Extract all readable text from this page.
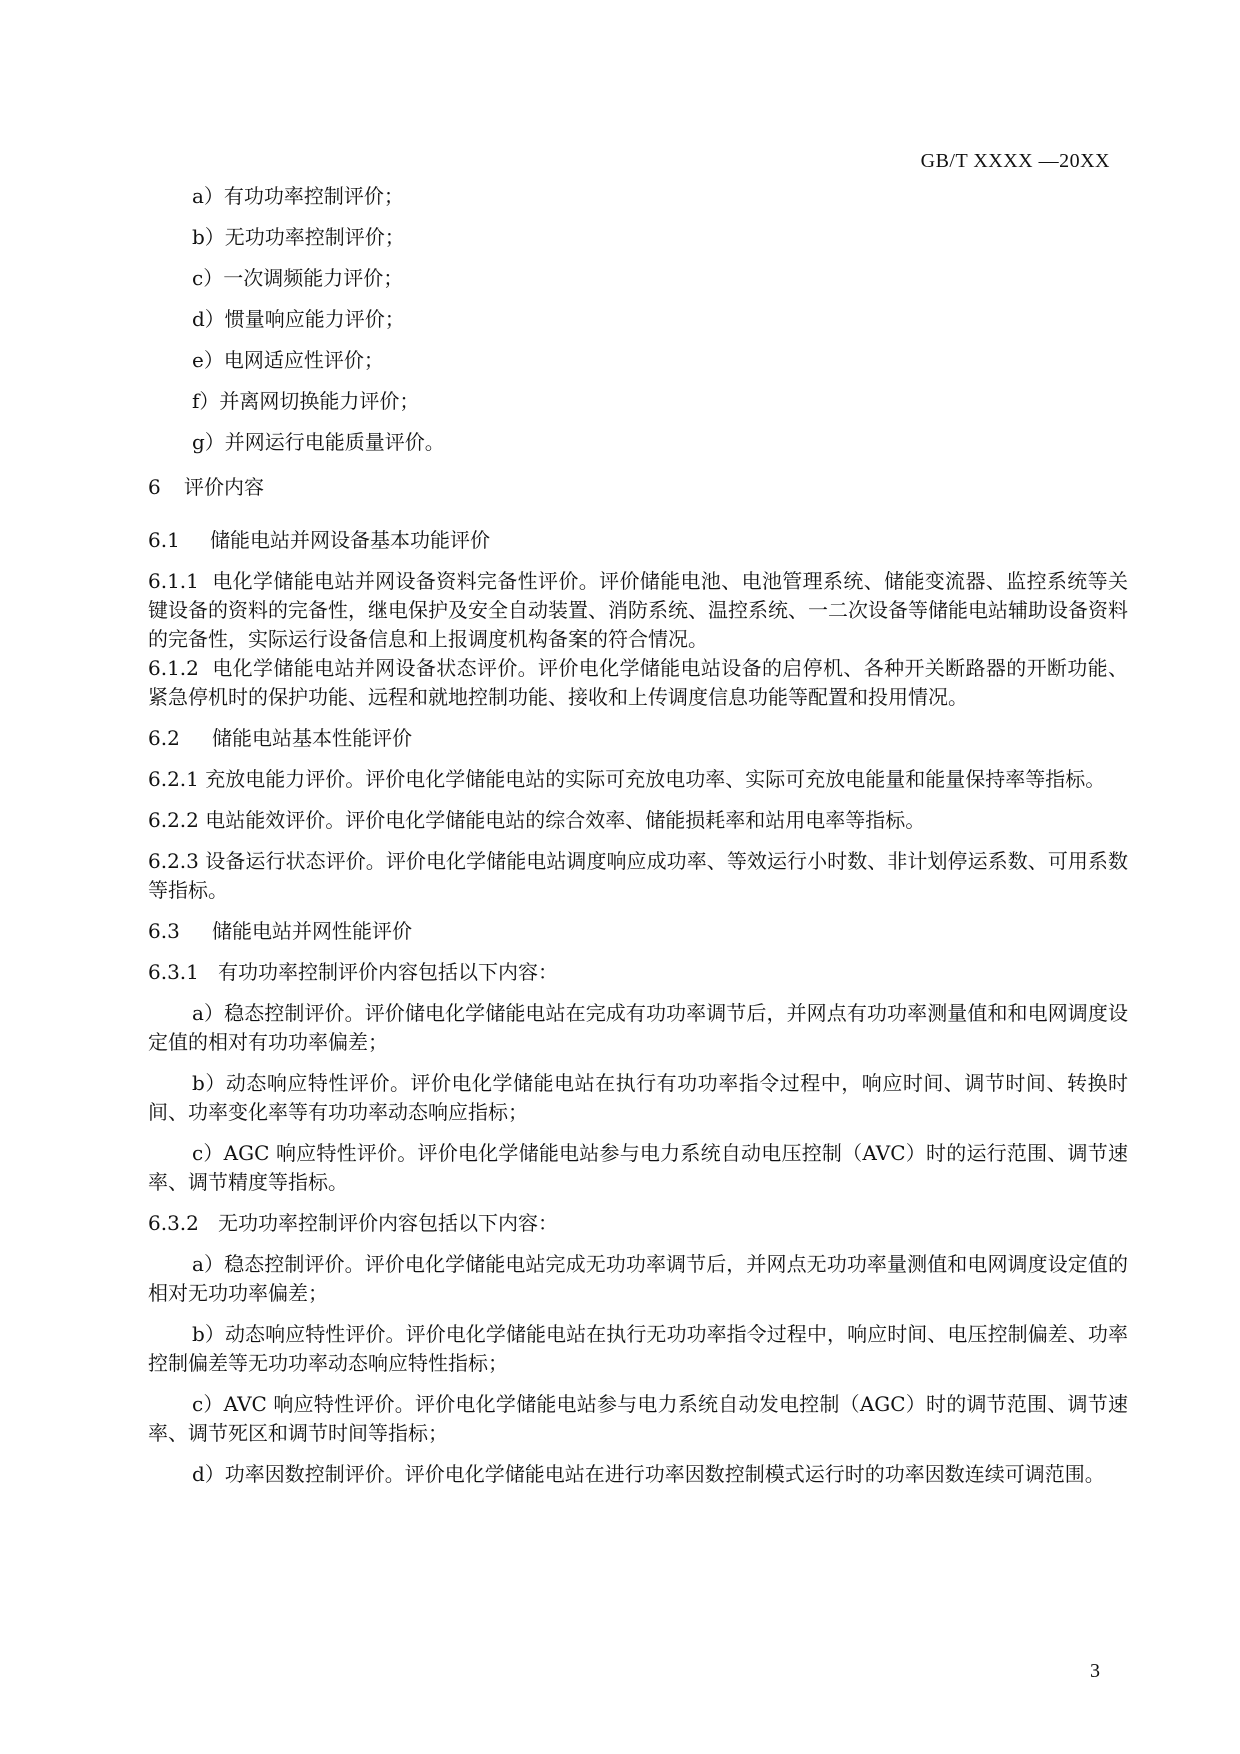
GB/T XXXX —20XX

a）有功功率控制评价；

b）无功功率控制评价；

c）一次调频能力评价；

d）惯量响应能力评价；

e）电网适应性评价；

f）并离网切换能力评价；

g）并网运行电能质量评价。

6 评价内容

6.1 储能电站并网设备基本功能评价

6.1.1 电化学储能电站并网设备资料完备性评价。评价储能电池、电池管理系统、储能变流器、监控系统等关键设备的资料的完备性，继电保护及安全自动装置、消防系统、温控系统、一二次设备等储能电站辅助设备资料的完备性，实际运行设备信息和上报调度机构备案的符合情况。

6.1.2 电化学储能电站并网设备状态评价。评价电化学储能电站设备的启停机、各种开关断路器的开断功能、紧急停机时的保护功能、远程和就地控制功能、接收和上传调度信息功能等配置和投用情况。

6.2 储能电站基本性能评价

6.2.1 充放电能力评价。评价电化学储能电站的实际可充放电功率、实际可充放电能量和能量保持率等指标。

6.2.2 电站能效评价。评价电化学储能电站的综合效率、储能损耗率和站用电率等指标。

6.2.3 设备运行状态评价。评价电化学储能电站调度响应成功率、等效运行小时数、非计划停运系数、可用系数等指标。

6.3 储能电站并网性能评价

6.3.1 有功功率控制评价内容包括以下内容：

a）稳态控制评价。评价储电化学储能电站在完成有功功率调节后，并网点有功功率测量值和和电网调度设定值的相对有功功率偏差；

b）动态响应特性评价。评价电化学储能电站在执行有功功率指令过程中，响应时间、调节时间、转换时间、功率变化率等有功功率动态响应指标；

c）AGC 响应特性评价。评价电化学储能电站参与电力系统自动电压控制（AVC）时的运行范围、调节速率、调节精度等指标。

6.3.2 无功功率控制评价内容包括以下内容：

a）稳态控制评价。评价电化学储能电站完成无功功率调节后，并网点无功功率量测值和电网调度设定值的相对无功功率偏差；

b）动态响应特性评价。评价电化学储能电站在执行无功功率指令过程中，响应时间、电压控制偏差、功率控制偏差等无功功率动态响应特性指标；

c）AVC 响应特性评价。评价电化学储能电站参与电力系统自动发电控制（AGC）时的调节范围、调节速率、调节死区和调节时间等指标；

d）功率因数控制评价。评价电化学储能电站在进行功率因数控制模式运行时的功率因数连续可调范围。

3
